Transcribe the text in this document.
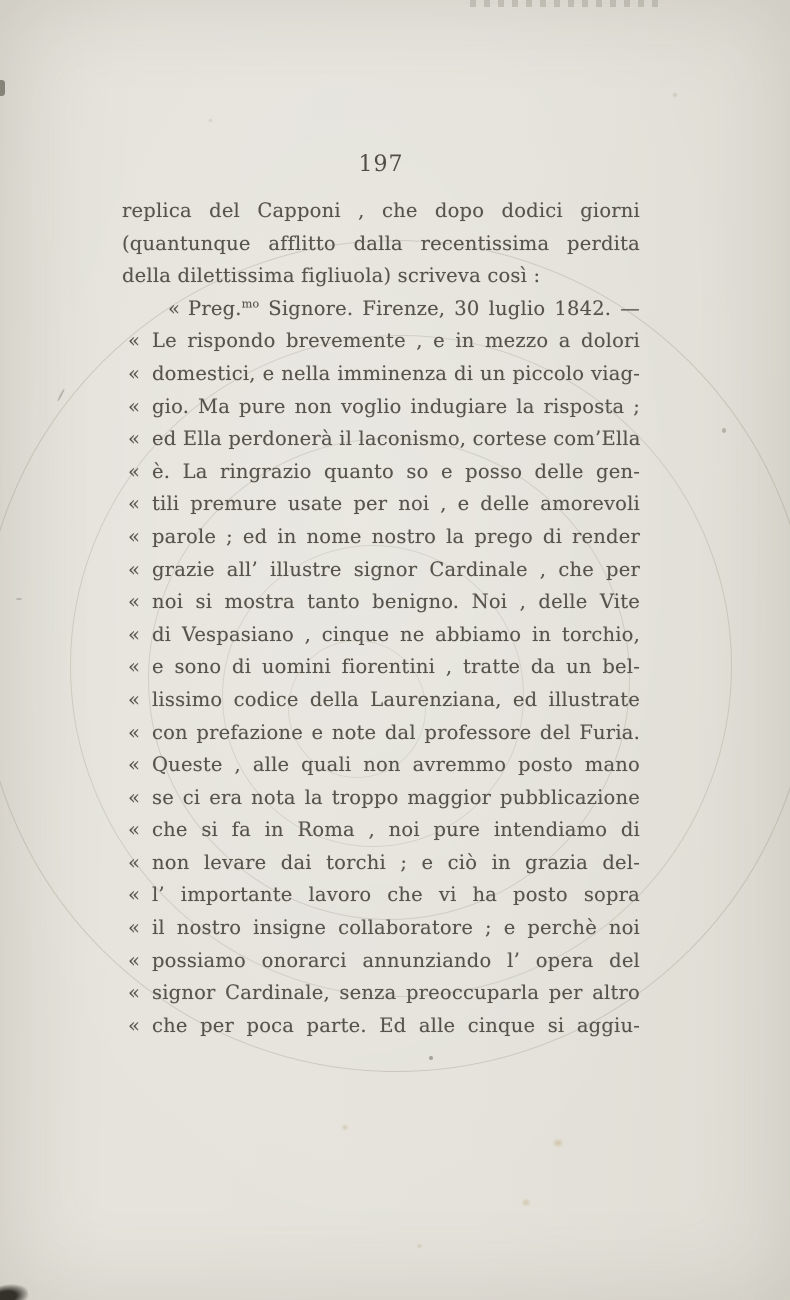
197
replica del Capponi , che dopo dodici giorni
(quantunque afflitto dalla recentissima perdita
della dilettissima figliuola) scriveva così :
« Preg.$^{mo}$ Signore. Firenze, 30 luglio 1842. —
« Le rispondo brevemente , e in mezzo a dolori
« domestici, e nella imminenza di un piccolo viag-
« gio. Ma pure non voglio indugiare la risposta ;
« ed Ella perdonerà il laconismo, cortese com’Ella
« è. La ringrazio quanto so e posso delle gen-
« tili premure usate per noi , e delle amorevoli
« parole ; ed in nome nostro la prego di render
« grazie all’ illustre signor Cardinale , che per
« noi si mostra tanto benigno. Noi , delle Vite
« di Vespasiano , cinque ne abbiamo in torchio,
« e sono di uomini fiorentini , tratte da un bel-
« lissimo codice della Laurenziana, ed illustrate
« con prefazione e note dal professore del Furia.
« Queste , alle quali non avremmo posto mano
« se ci era nota la troppo maggior pubblicazione
« che si fa in Roma , noi pure intendiamo di
« non levare dai torchi ; e ciò in grazia del-
« l’ importante lavoro che vi ha posto sopra
« il nostro insigne collaboratore ; e perchè noi
« possiamo onorarci annunziando l’ opera del
« signor Cardinale, senza preoccuparla per altro
« che per poca parte. Ed alle cinque si aggiu-
